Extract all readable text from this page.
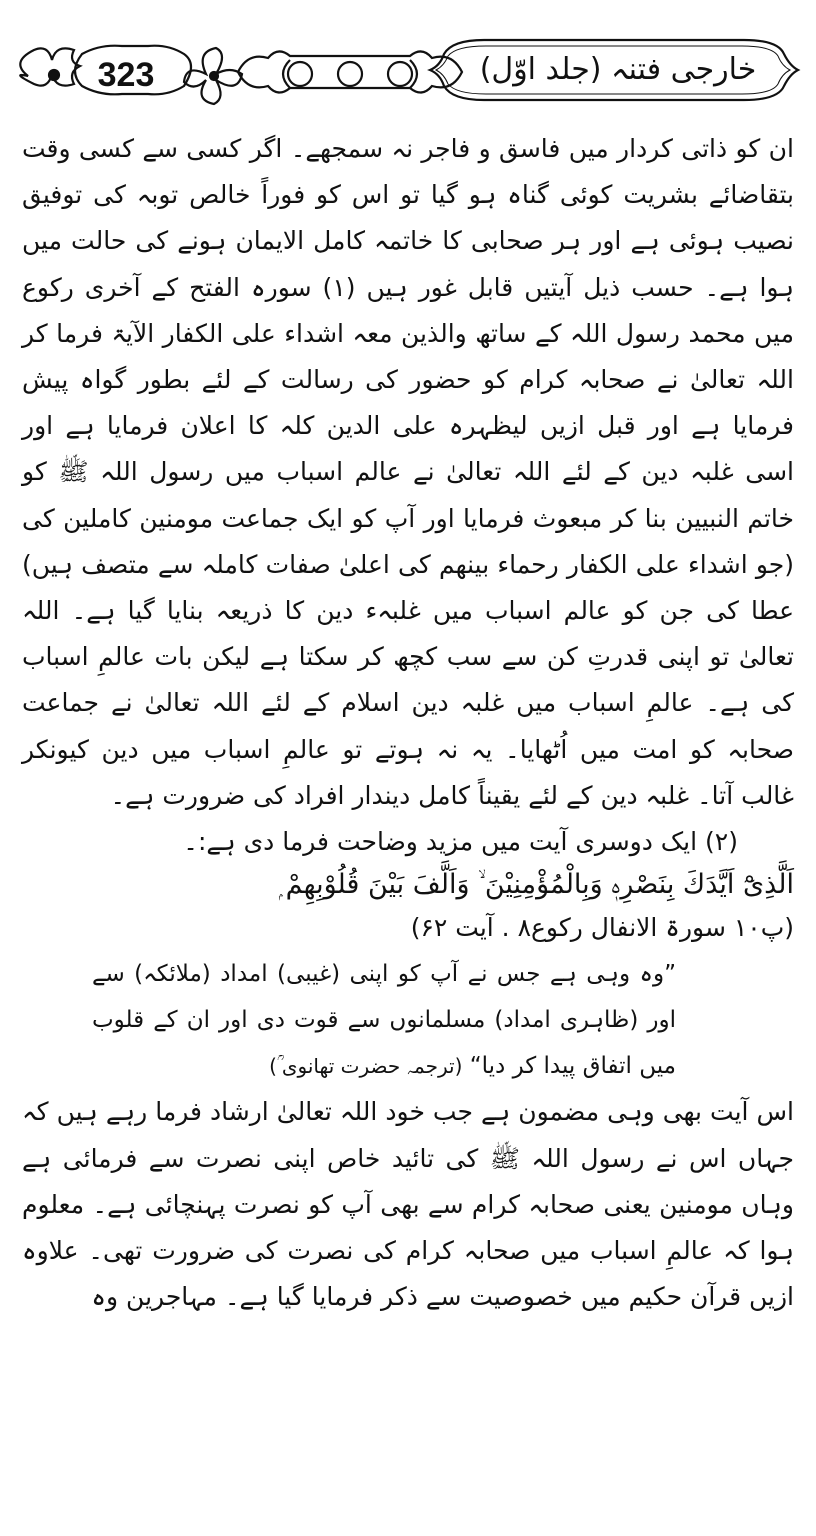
323	خارجی فتنہ (جلد اوّل)

ان کو ذاتی کردار میں فاسق و فاجر نہ سمجھے۔ اگر کسی سے کسی وقت بتقاضائے بشریت کوئی گناہ ہو گیا تو اس کو فوراً خالص توبہ کی توفیق نصیب ہوئی ہے اور ہر صحابی کا خاتمہ کامل الایمان ہونے کی حالت میں ہوا ہے۔ حسب ذیل آیتیں قابل غور ہیں (۱) سورہ الفتح کے آخری رکوع میں محمد رسول اللہ کے ساتھ والذین معہ اشداء علی الکفار الآیۃ فرما کر اللہ تعالیٰ نے صحابہ کرام کو حضور کی رسالت کے لئے بطور گواہ پیش فرمایا ہے اور قبل ازیں لیظہرہ علی الدین کلہ کا اعلان فرمایا ہے اور اسی غلبہ دین کے لئے اللہ تعالیٰ نے عالم اسباب میں رسول اللہ ﷺ کو خاتم النبیین بنا کر مبعوث فرمایا اور آپ کو ایک جماعت مومنین کاملین کی (جو اشداء علی الکفار رحماء بینھم کی اعلیٰ صفات کاملہ سے متصف ہیں) عطا کی جن کو عالم اسباب میں غلبہء دین کا ذریعہ بنایا گیا ہے۔ اللہ تعالیٰ تو اپنی قدرتِ کن سے سب کچھ کر سکتا ہے لیکن بات عالمِ اسباب کی ہے۔ عالمِ اسباب میں غلبہ دین اسلام کے لئے اللہ تعالیٰ نے جماعت صحابہ کو امت میں اُٹھایا۔ یہ نہ ہوتے تو عالمِ اسباب میں دین کیونکر غالب آتا۔ غلبہ دین کے لئے یقیناً کامل دیندار افراد کی ضرورت ہے۔

(۲) ایک دوسری آیت میں مزید وضاحت فرما دی ہے:۔

اَلَّذِیْٓ اَیَّدَكَ بِنَصْرِهٖ وَبِالْمُؤْمِنِیْنَ ۙ وَاَلَّفَ بَیْنَ قُلُوْبِهِمْ ۭ

(پ۱۰ سورۃ الانفال رکوع۸ . آیت ۶۲)

”وہ وہی ہے جس نے آپ کو اپنی (غیبی) امداد (ملائکہ) سے اور (ظاہری امداد) مسلمانوں سے قوت دی اور ان کے قلوب میں اتفاق پیدا کر دیا“ (ترجمہ حضرت تھانوی ؒ)

اس آیت بھی وہی مضمون ہے جب خود اللہ تعالیٰ ارشاد فرما رہے ہیں کہ جہاں اس نے رسول اللہ ﷺ کی تائید خاص اپنی نصرت سے فرمائی ہے وہاں مومنین یعنی صحابہ کرام سے بھی آپ کو نصرت پہنچائی ہے۔ معلوم ہوا کہ عالمِ اسباب میں صحابہ کرام کی نصرت کی ضرورت تھی۔ علاوہ ازیں قرآن حکیم میں خصوصیت سے ذکر فرمایا گیا ہے۔ مہاجرین وہ
